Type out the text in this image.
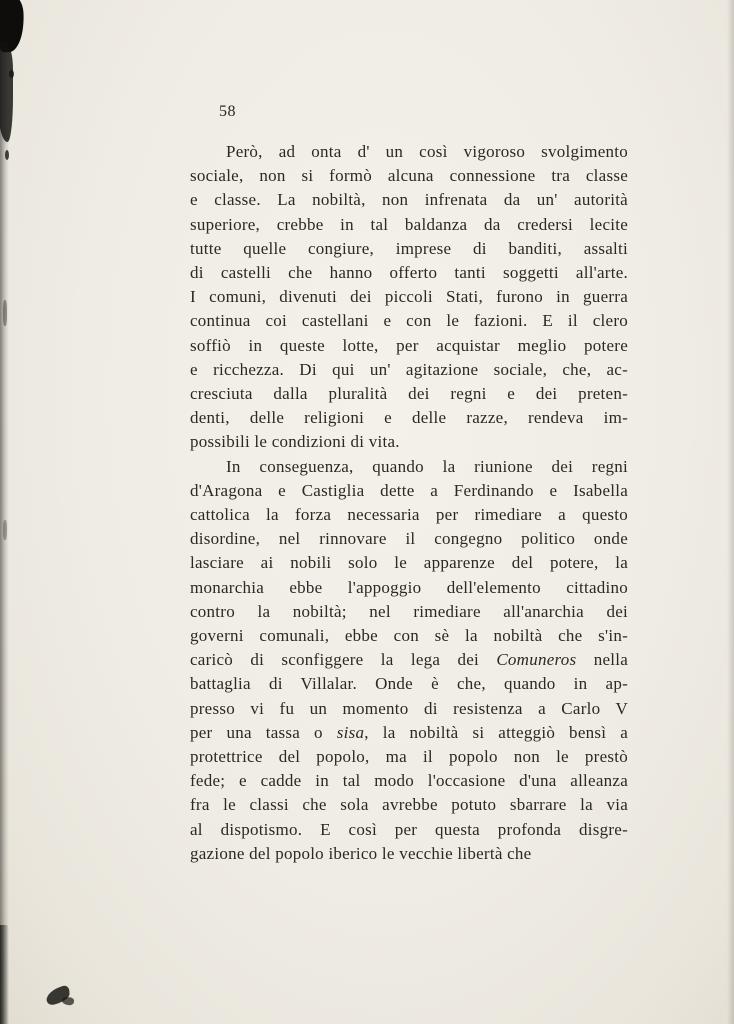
58
Però, ad onta d' un così vigoroso svolgimento
sociale, non si formò alcuna connessione tra classe
e classe. La nobiltà, non infrenata da un' autorità
superiore, crebbe in tal baldanza da credersi lecite
tutte quelle congiure, imprese di banditi, assalti
di castelli che hanno offerto tanti soggetti all'arte.
I comuni, divenuti dei piccoli Stati, furono in guerra
continua coi castellani e con le fazioni. E il clero
soffiò in queste lotte, per acquistar meglio potere
e ricchezza. Di qui un' agitazione sociale, che, ac-
cresciuta dalla pluralità dei regni e dei preten-
denti, delle religioni e delle razze, rendeva im-
possibili le condizioni di vita.
In conseguenza, quando la riunione dei regni
d'Aragona e Castiglia dette a Ferdinando e Isabella
cattolica la forza necessaria per rimediare a questo
disordine, nel rinnovare il congegno politico onde
lasciare ai nobili solo le apparenze del potere, la
monarchia ebbe l'appoggio dell'elemento cittadino
contro la nobiltà; nel rimediare all'anarchia dei
governi comunali, ebbe con sè la nobiltà che s'in-
caricò di sconfiggere la lega dei Comuneros nella
battaglia di Villalar. Onde è che, quando in ap-
presso vi fu un momento di resistenza a Carlo V
per una tassa o sisa, la nobiltà si atteggiò bensì a
protettrice del popolo, ma il popolo non le prestò
fede; e cadde in tal modo l'occasione d'una alleanza
fra le classi che sola avrebbe potuto sbarrare la via
al dispotismo. E così per questa profonda disgre-
gazione del popolo iberico le vecchie libertà che
